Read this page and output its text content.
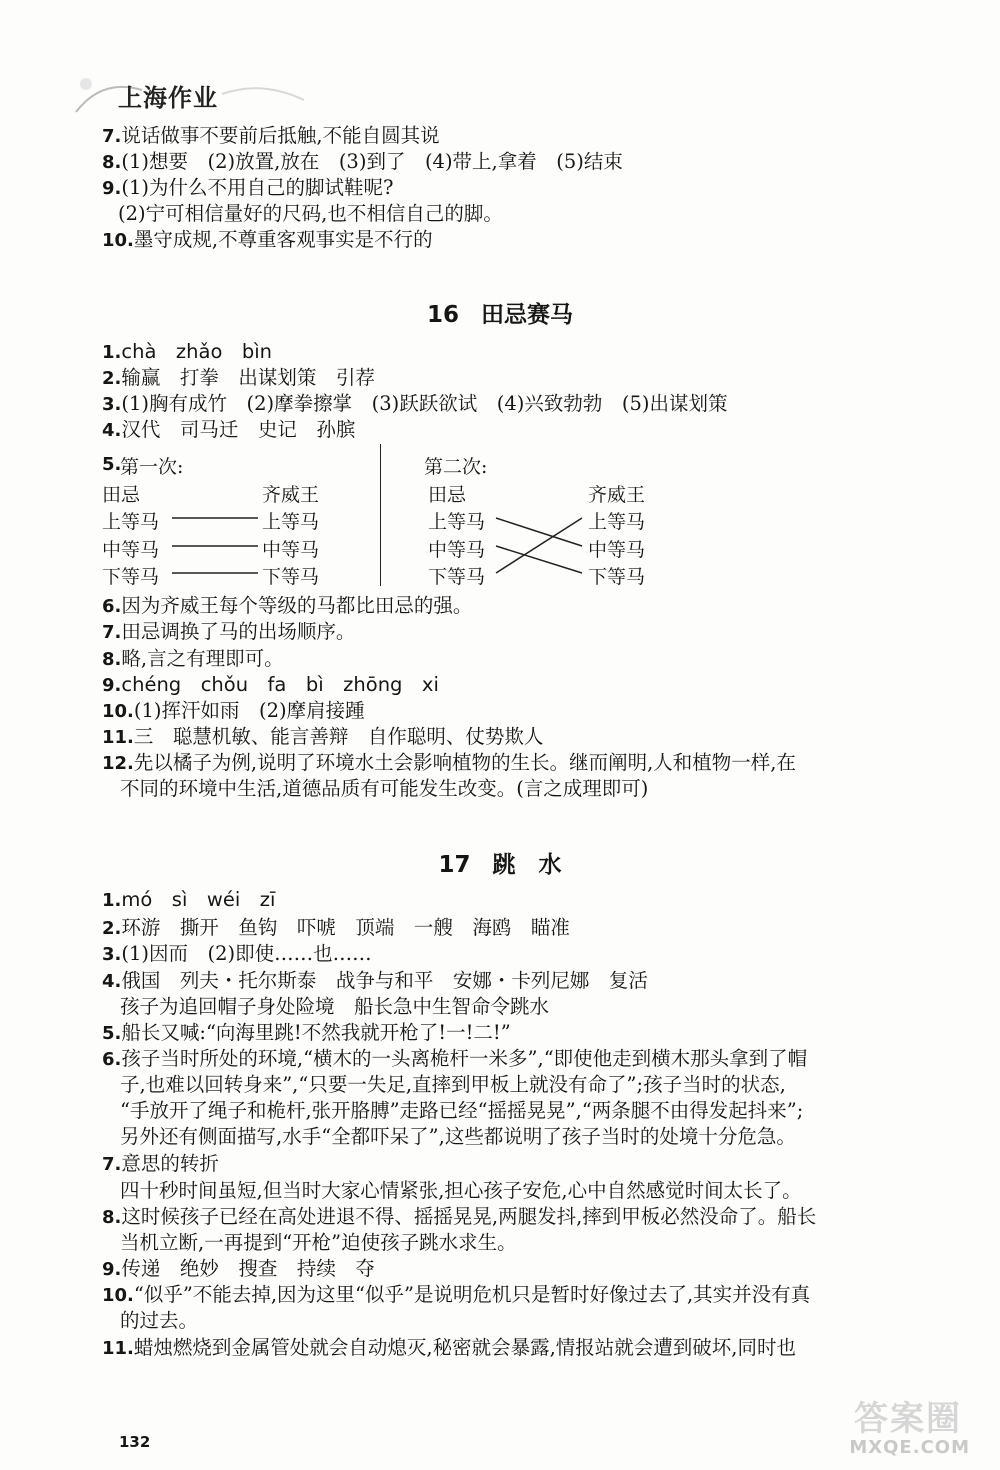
上海作业
7.说话做事不要前后抵触,不能自圆其说
8.(1)想要　(2)放置,放在　(3)到了　(4)带上,拿着　(5)结束
9.(1)为什么不用自己的脚试鞋呢?
(2)宁可相信量好的尺码,也不相信自己的脚。
10.墨守成规,不尊重客观事实是不行的
16 田忌赛马
1.chà　zhǎo　bìn
2.输赢　打拳　出谋划策　引荐
3.(1)胸有成竹　(2)摩拳擦掌　(3)跃跃欲试　(4)兴致勃勃　(5)出谋划策
4.汉代　司马迁　史记　孙膑
5.
第一次:
田忌	齐威王
上等马
中等马
下等马
上等马
中等马
下等马
第二次:
田忌	齐威王
上等马
中等马
下等马
上等马
中等马
下等马
6.因为齐威王每个等级的马都比田忌的强。
7.田忌调换了马的出场顺序。
8.略,言之有理即可。
9.chéng　chǒu　fa　bì　zhōng　xi
10.(1)挥汗如雨　(2)摩肩接踵
11.三　聪慧机敏、能言善辩　自作聪明、仗势欺人
12.先以橘子为例,说明了环境水土会影响植物的生长。继而阐明,人和植物一样,在
不同的环境中生活,道德品质有可能发生改变。(言之成理即可)
17 跳　水
1.mó　sì　wéi　zī
2.环游　撕开　鱼钩　吓唬　顶端　一艘　海鸥　瞄准
3.(1)因而　(2)即使……也……
4.俄国　列夫・托尔斯泰　战争与和平　安娜・卡列尼娜　复活
孩子为追回帽子身处险境　船长急中生智命令跳水
5.船长又喊:“向海里跳!不然我就开枪了!一!二!”
6.孩子当时所处的环境,“横木的一头离桅杆一米多”,“即使他走到横木那头拿到了帽
子,也难以回转身来”,“只要一失足,直摔到甲板上就没有命了”;孩子当时的状态,
“手放开了绳子和桅杆,张开胳膊”走路已经“摇摇晃晃”,“两条腿不由得发起抖来”;
另外还有侧面描写,水手“全都吓呆了”,这些都说明了孩子当时的处境十分危急。
7.意思的转折
四十秒时间虽短,但当时大家心情紧张,担心孩子安危,心中自然感觉时间太长了。
8.这时候孩子已经在高处进退不得、摇摇晃晃,两腿发抖,摔到甲板必然没命了。船长
当机立断,一再提到“开枪”迫使孩子跳水求生。
9.传递　绝妙　搜查　持续　夺
10.“似乎”不能去掉,因为这里“似乎”是说明危机只是暂时好像过去了,其实并没有真
的过去。
11.蜡烛燃烧到金属管处就会自动熄灭,秘密就会暴露,情报站就会遭到破坏,同时也
132
答案圈
MXQE.COM
